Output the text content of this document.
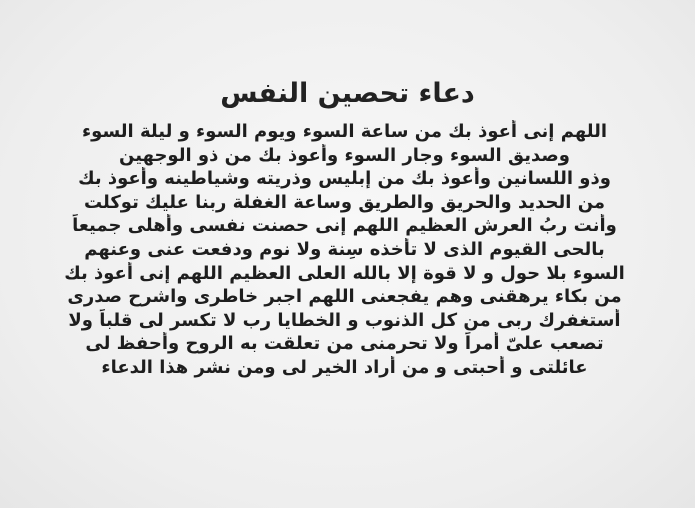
دعاء تحصين النفس
اللهم إنى أعوذ بك من ساعة السوء ويوم السوء و ليلة السوء
وصديق السوء وجار السوء وأعوذ بك من ذو الوجهين
وذو اللسانين وأعوذ بك من إبليس وذريته وشياطينه وأعوذ بك
من الحديد والحريق والطريق وساعة الغفلة ربنا عليك توكلت
وأنت ربُ العرش العظيم اللهم إنى حصنت نفسى وأهلى جميعاً
بالحى القيوم الذى لا تأخذه سِنة ولا نوم ودفعت عنى وعنهم
السوء بلا حول و لا قوة إلا بالله العلى العظيم اللهم إنى أعوذ بك
من بكاء يرهقنى وهم يفجعنى اللهم اجبر خاطرى واشرح صدرى
أستغفرك ربى من كل الذنوب و الخطايا رب لا تكسر لى قلباً ولا
تصعب علىّ أمراً ولا تحرمنى من تعلقت به الروح وأحفظ لى
عائلتى و أحبتى و من أراد الخير لى ومن نشر هذا الدعاء
